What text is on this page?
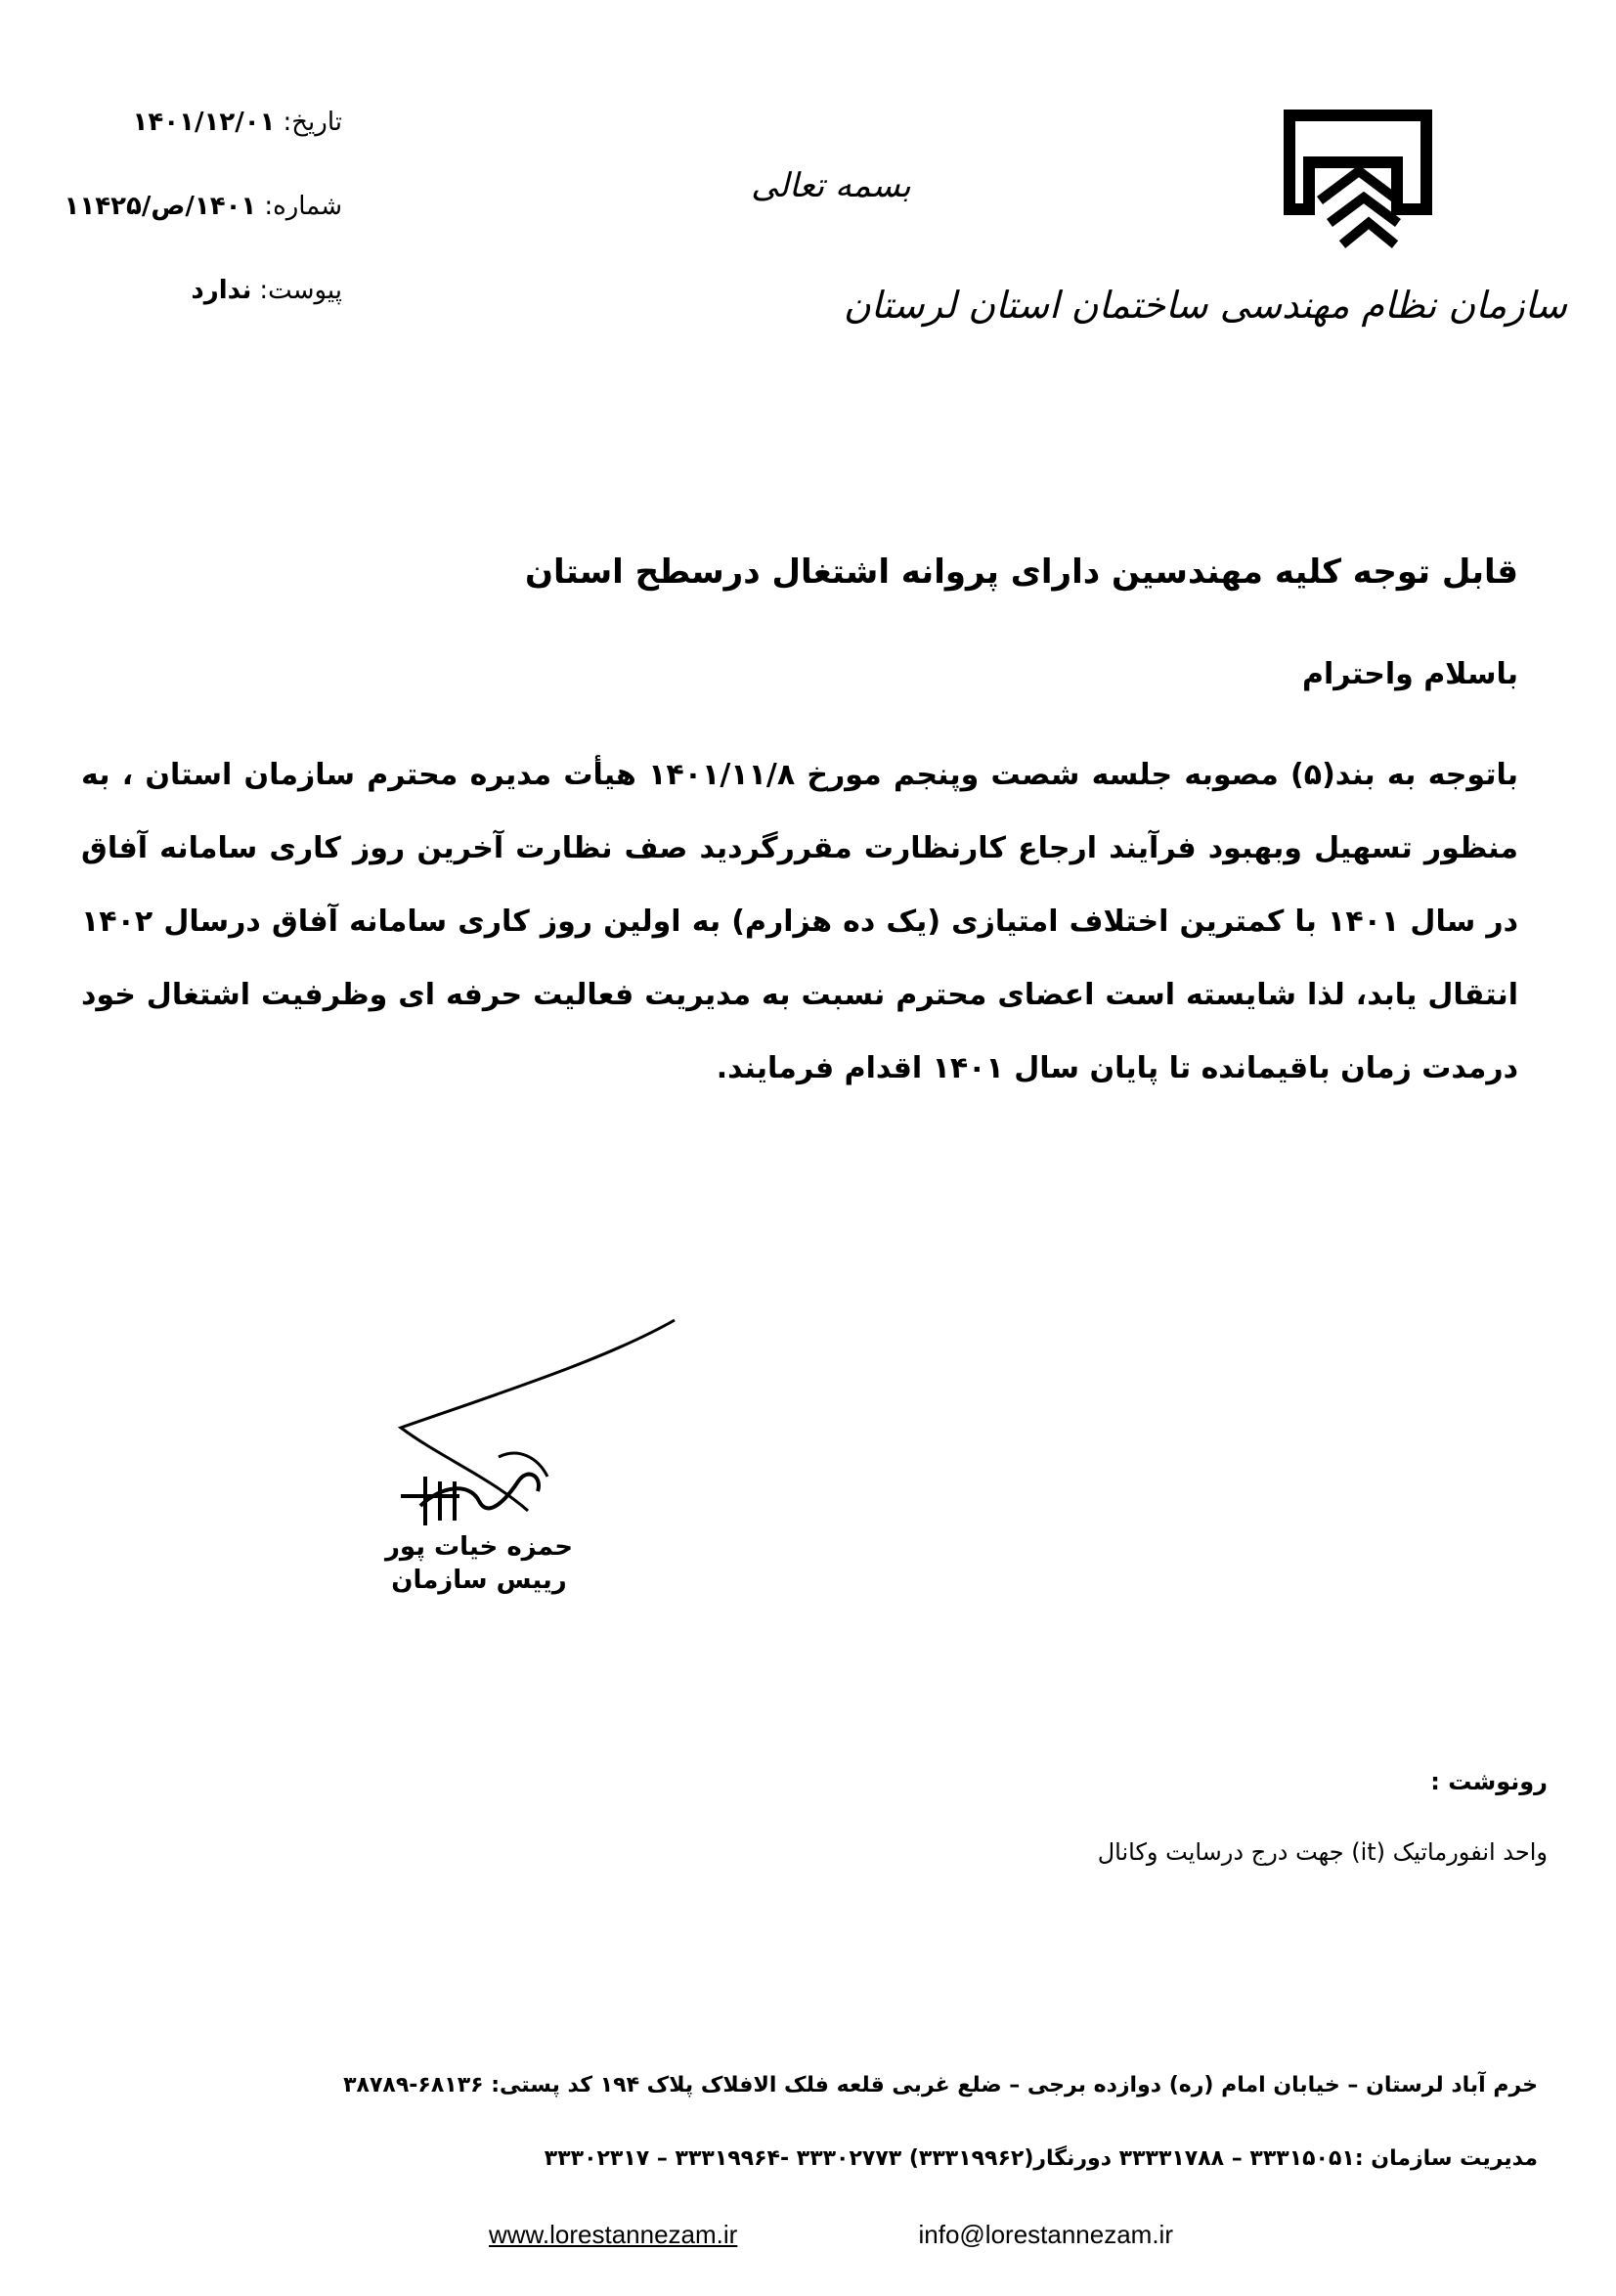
سازمان نظام مهندسی ساختمان استان لرستان
بسمه تعالی
تاریخ:
۱۴۰۱/۱۲/۰۱
شماره:
۱۴۰۱/ص/۱۱۴۲۵
پیوست:
ندارد
قابل توجه کلیه مهندسین دارای پروانه اشتغال درسطح استان
باسلام واحترام
باتوجه به بند(۵) مصوبه جلسه شصت وپنجم مورخ ۱۴۰۱/۱۱/۸ هیأت مدیره محترم سازمان استان ، به منظور تسهیل وبهبود فرآیند ارجاع کارنظارت مقررگردید صف نظارت آخرین روز کاری سامانه آفاق در سال ۱۴۰۱ با کمترین اختلاف امتیازی (یک ده هزارم) به اولین روز کاری سامانه آفاق درسال ۱۴۰۲ انتقال یابد، لذا شایسته است اعضای محترم نسبت به مدیریت فعالیت حرفه ای وظرفیت اشتغال خود درمدت زمان باقیمانده تا پایان سال ۱۴۰۱ اقدام فرمایند.
حمزه خیات پور
رییس سازمان
رونوشت :
واحد انفورماتیک (it) جهت درج درسایت وکانال
خرم آباد لرستان – خیابان امام (ره) دوازده برجی – ضلع غربی قلعه فلک الافلاک پلاک ۱۹۴ کد پستی: ۶۸۱۳۶-۳۸۷۸۹
مدیریت سازمان :۳۳۳۱۵۰۵۱ – ۳۳۳۳۱۷۸۸ دورنگار(۳۳۳۱۹۹۶۲) ۳۳۳۰۲۷۷۳ -۳۳۳۱۹۹۶۴ – ۳۳۳۰۲۳۱۷
www.lorestannezam.ir	info@lorestannezam.ir
